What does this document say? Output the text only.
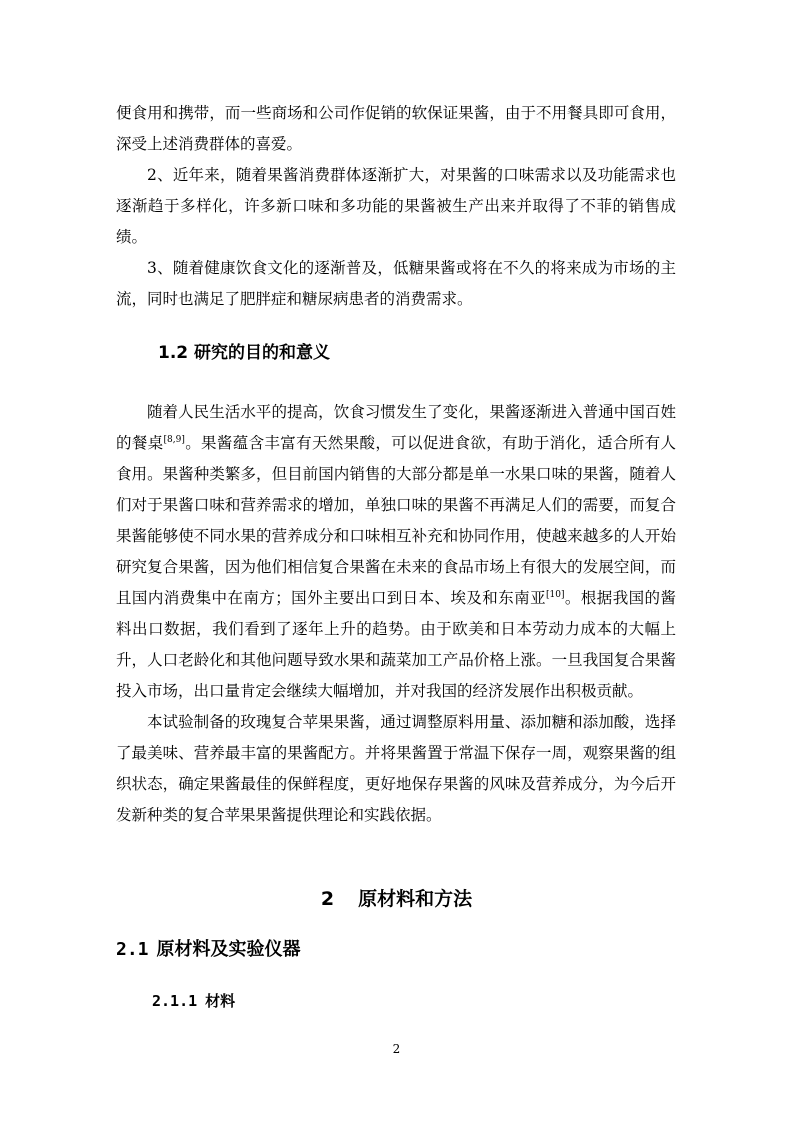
便食用和携带，而一些商场和公司作促销的软保证果酱，由于不用餐具即可食用，深受上述消费群体的喜爱。

2、近年来，随着果酱消费群体逐渐扩大，对果酱的口味需求以及功能需求也逐渐趋于多样化，许多新口味和多功能的果酱被生产出来并取得了不菲的销售成绩。

3、随着健康饮食文化的逐渐普及，低糖果酱或将在不久的将来成为市场的主流，同时也满足了肥胖症和糖尿病患者的消费需求。

1.2 研究的目的和意义

随着人民生活水平的提高，饮食习惯发生了变化，果酱逐渐进入普通中国百姓的餐桌[8,9]。果酱蕴含丰富有天然果酸，可以促进食欲，有助于消化，适合所有人食用。果酱种类繁多，但目前国内销售的大部分都是单一水果口味的果酱，随着人们对于果酱口味和营养需求的增加，单独口味的果酱不再满足人们的需要，而复合果酱能够使不同水果的营养成分和口味相互补充和协同作用，使越来越多的人开始研究复合果酱，因为他们相信复合果酱在未来的食品市场上有很大的发展空间，而且国内消费集中在南方；国外主要出口到日本、埃及和东南亚[10]。根据我国的酱料出口数据，我们看到了逐年上升的趋势。由于欧美和日本劳动力成本的大幅上升，人口老龄化和其他问题导致水果和蔬菜加工产品价格上涨。一旦我国复合果酱投入市场，出口量肯定会继续大幅增加，并对我国的经济发展作出积极贡献。

本试验制备的玫瑰复合苹果果酱，通过调整原料用量、添加糖和添加酸，选择了最美味、营养最丰富的果酱配方。并将果酱置于常温下保存一周，观察果酱的组织状态，确定果酱最佳的保鲜程度，更好地保存果酱的风味及营养成分，为今后开发新种类的复合苹果果酱提供理论和实践依据。

2 原材料和方法
2.1 原材料及实验仪器
2.1.1 材料
2
